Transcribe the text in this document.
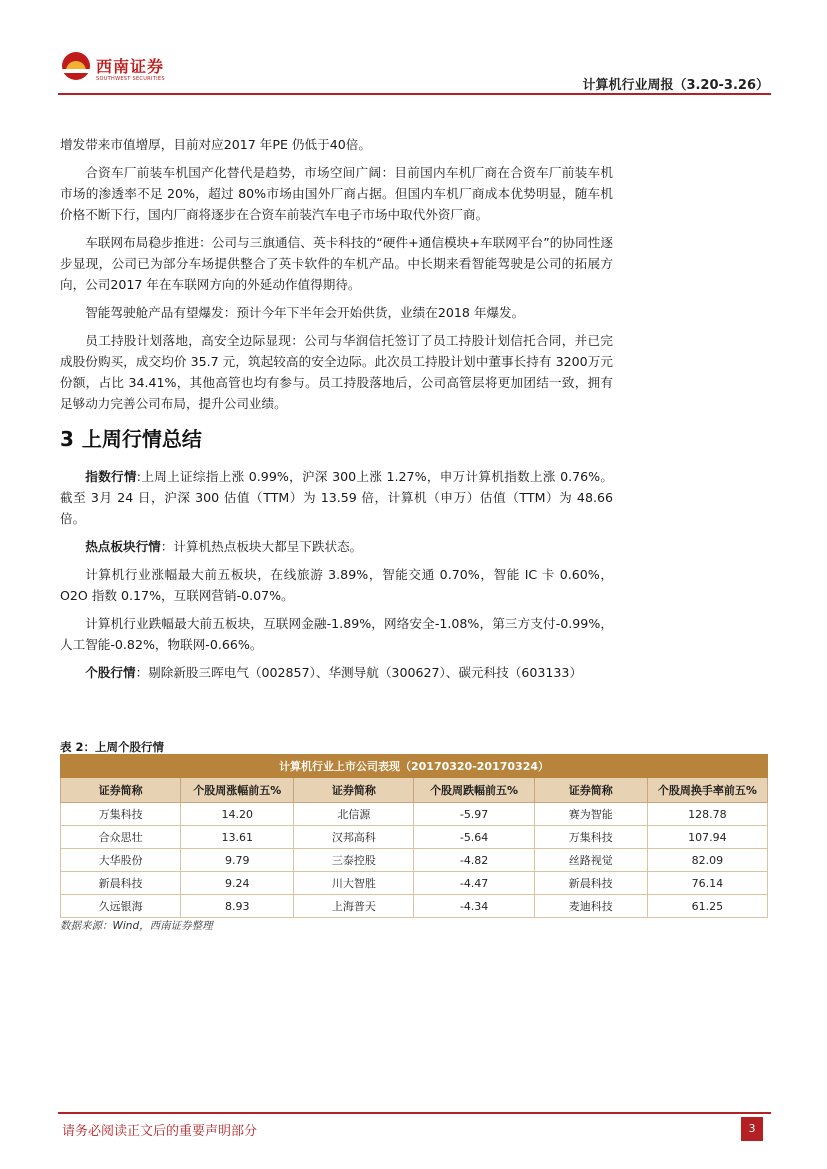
西南证券
SOUTHWEST SECURITIES	计算机行业周报（3.20-3.26）

增发带来市值增厚，目前对应2017 年PE 仍低于40倍。

合资车厂前装车机国产化替代是趋势，市场空间广阔：目前国内车机厂商在合资车厂前装车机市场的渗透率不足 20%，超过 80%市场由国外厂商占据。但国内车机厂商成本优势明显，随车机价格不断下行，国内厂商将逐步在合资车前装汽车电子市场中取代外资厂商。

车联网布局稳步推进：公司与三旗通信、英卡科技的“硬件+通信模块+车联网平台”的协同性逐步显现，公司已为部分车场提供整合了英卡软件的车机产品。中长期来看智能驾驶是公司的拓展方向，公司2017 年在车联网方向的外延动作值得期待。

智能驾驶舱产品有望爆发：预计今年下半年会开始供货，业绩在2018 年爆发。

员工持股计划落地，高安全边际显现：公司与华润信托签订了员工持股计划信托合同，并已完成股份购买，成交均价 35.7 元，筑起较高的安全边际。此次员工持股计划中董事长持有 3200万元份额，占比 34.41%，其他高管也均有参与。员工持股落地后，公司高管层将更加团结一致，拥有足够动力完善公司布局，提升公司业绩。

3 上周行情总结

指数行情:上周上证综指上涨 0.99%，沪深 300上涨 1.27%，申万计算机指数上涨 0.76%。截至 3月 24 日，沪深 300 估值（TTM）为 13.59 倍，计算机（申万）估值（TTM）为 48.66倍。

热点板块行情：计算机热点板块大都呈下跌状态。

计算机行业涨幅最大前五板块，在线旅游 3.89%，智能交通 0.70%，智能 IC 卡 0.60%，O2O 指数 0.17%，互联网营销-0.07%。

计算机行业跌幅最大前五板块，互联网金融-1.89%，网络安全-1.08%，第三方支付-0.99%，人工智能-0.82%，物联网-0.66%。

个股行情：剔除新股三晖电气（002857）、华测导航（300627）、碳元科技（603133）

表 2：上周个股行情
计算机行业上市公司表现（20170320-20170324）					
证券简称	个股周涨幅前五%	证券简称	个股周跌幅前五%	证券简称	个股周换手率前五%
万集科技	14.20	北信源	-5.97	赛为智能	128.78
合众思壮	13.61	汉邦高科	-5.64	万集科技	107.94
大华股份	9.79	三泰控股	-4.82	丝路视觉	82.09
新晨科技	9.24	川大智胜	-4.47	新晨科技	76.14
久远银海	8.93	上海普天	-4.34	麦迪科技	61.25
数据来源：Wind，西南证券整理
请务必阅读正文后的重要声明部分	3
